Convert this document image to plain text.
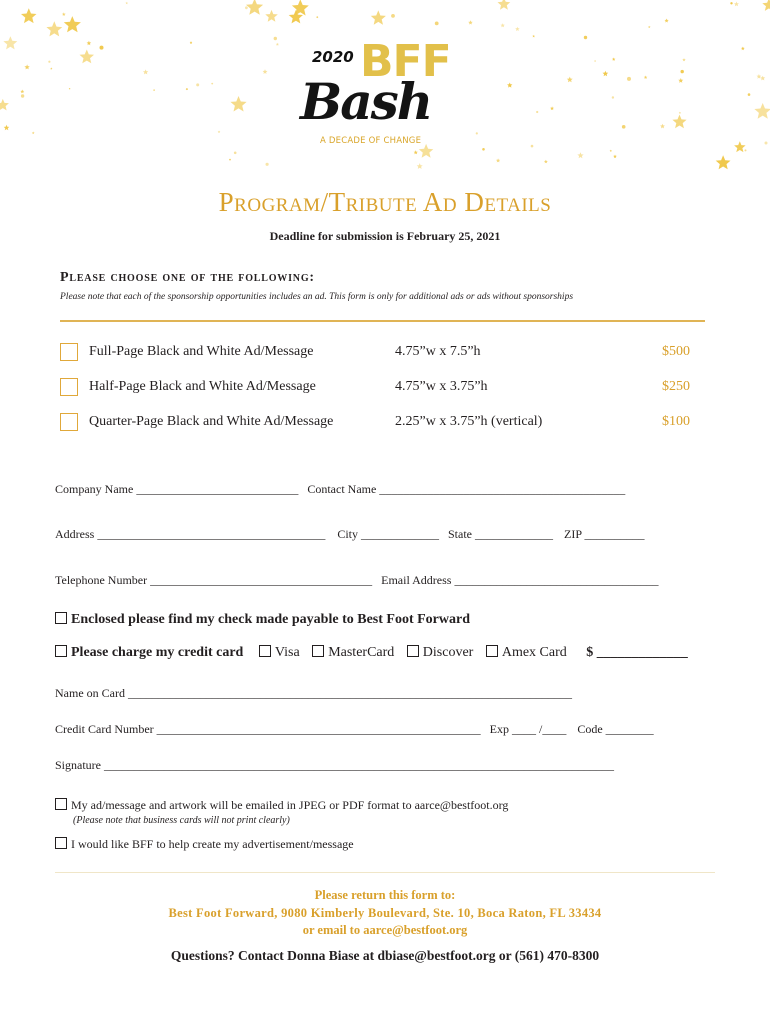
2020 BFF
Bash
A DECADE OF CHANGE
Program/Tribute Ad Details
Deadline for submission is February 25, 2021
Please choose one of the following:
Please note that each of the sponsorship opportunities includes an ad. This form is only for additional ads or ads without sponsorships
Full-Page Black and White Ad/Message	4.75”w x 7.5”h	$500
Half-Page Black and White Ad/Message	4.75”w x 3.75”h	$250
Quarter-Page Black and White Ad/Message	2.25”w x 3.75”h (vertical)	$100
Company Name ___________________________ Contact Name _________________________________________
Address ______________________________________ City _____________ State _____________ ZIP __________
Telephone Number _____________________________________ Email Address __________________________________
Enclosed please find my check made payable to Best Foot Forward
Please charge my credit card Visa MasterCard Discover Amex Card $ _____________
Name on Card __________________________________________________________________________
Credit Card Number ______________________________________________________ Exp ____ /____ Code ________
Signature _____________________________________________________________________________________
My ad/message and artwork will be emailed in JPEG or PDF format to aarce@bestfoot.org
(Please note that business cards will not print clearly)
I would like BFF to help create my advertisement/message
Please return this form to:
Best Foot Forward, 9080 Kimberly Boulevard, Ste. 10, Boca Raton, FL 33434
or email to aarce@bestfoot.org
Questions? Contact Donna Biase at dbiase@bestfoot.org or (561) 470-8300
